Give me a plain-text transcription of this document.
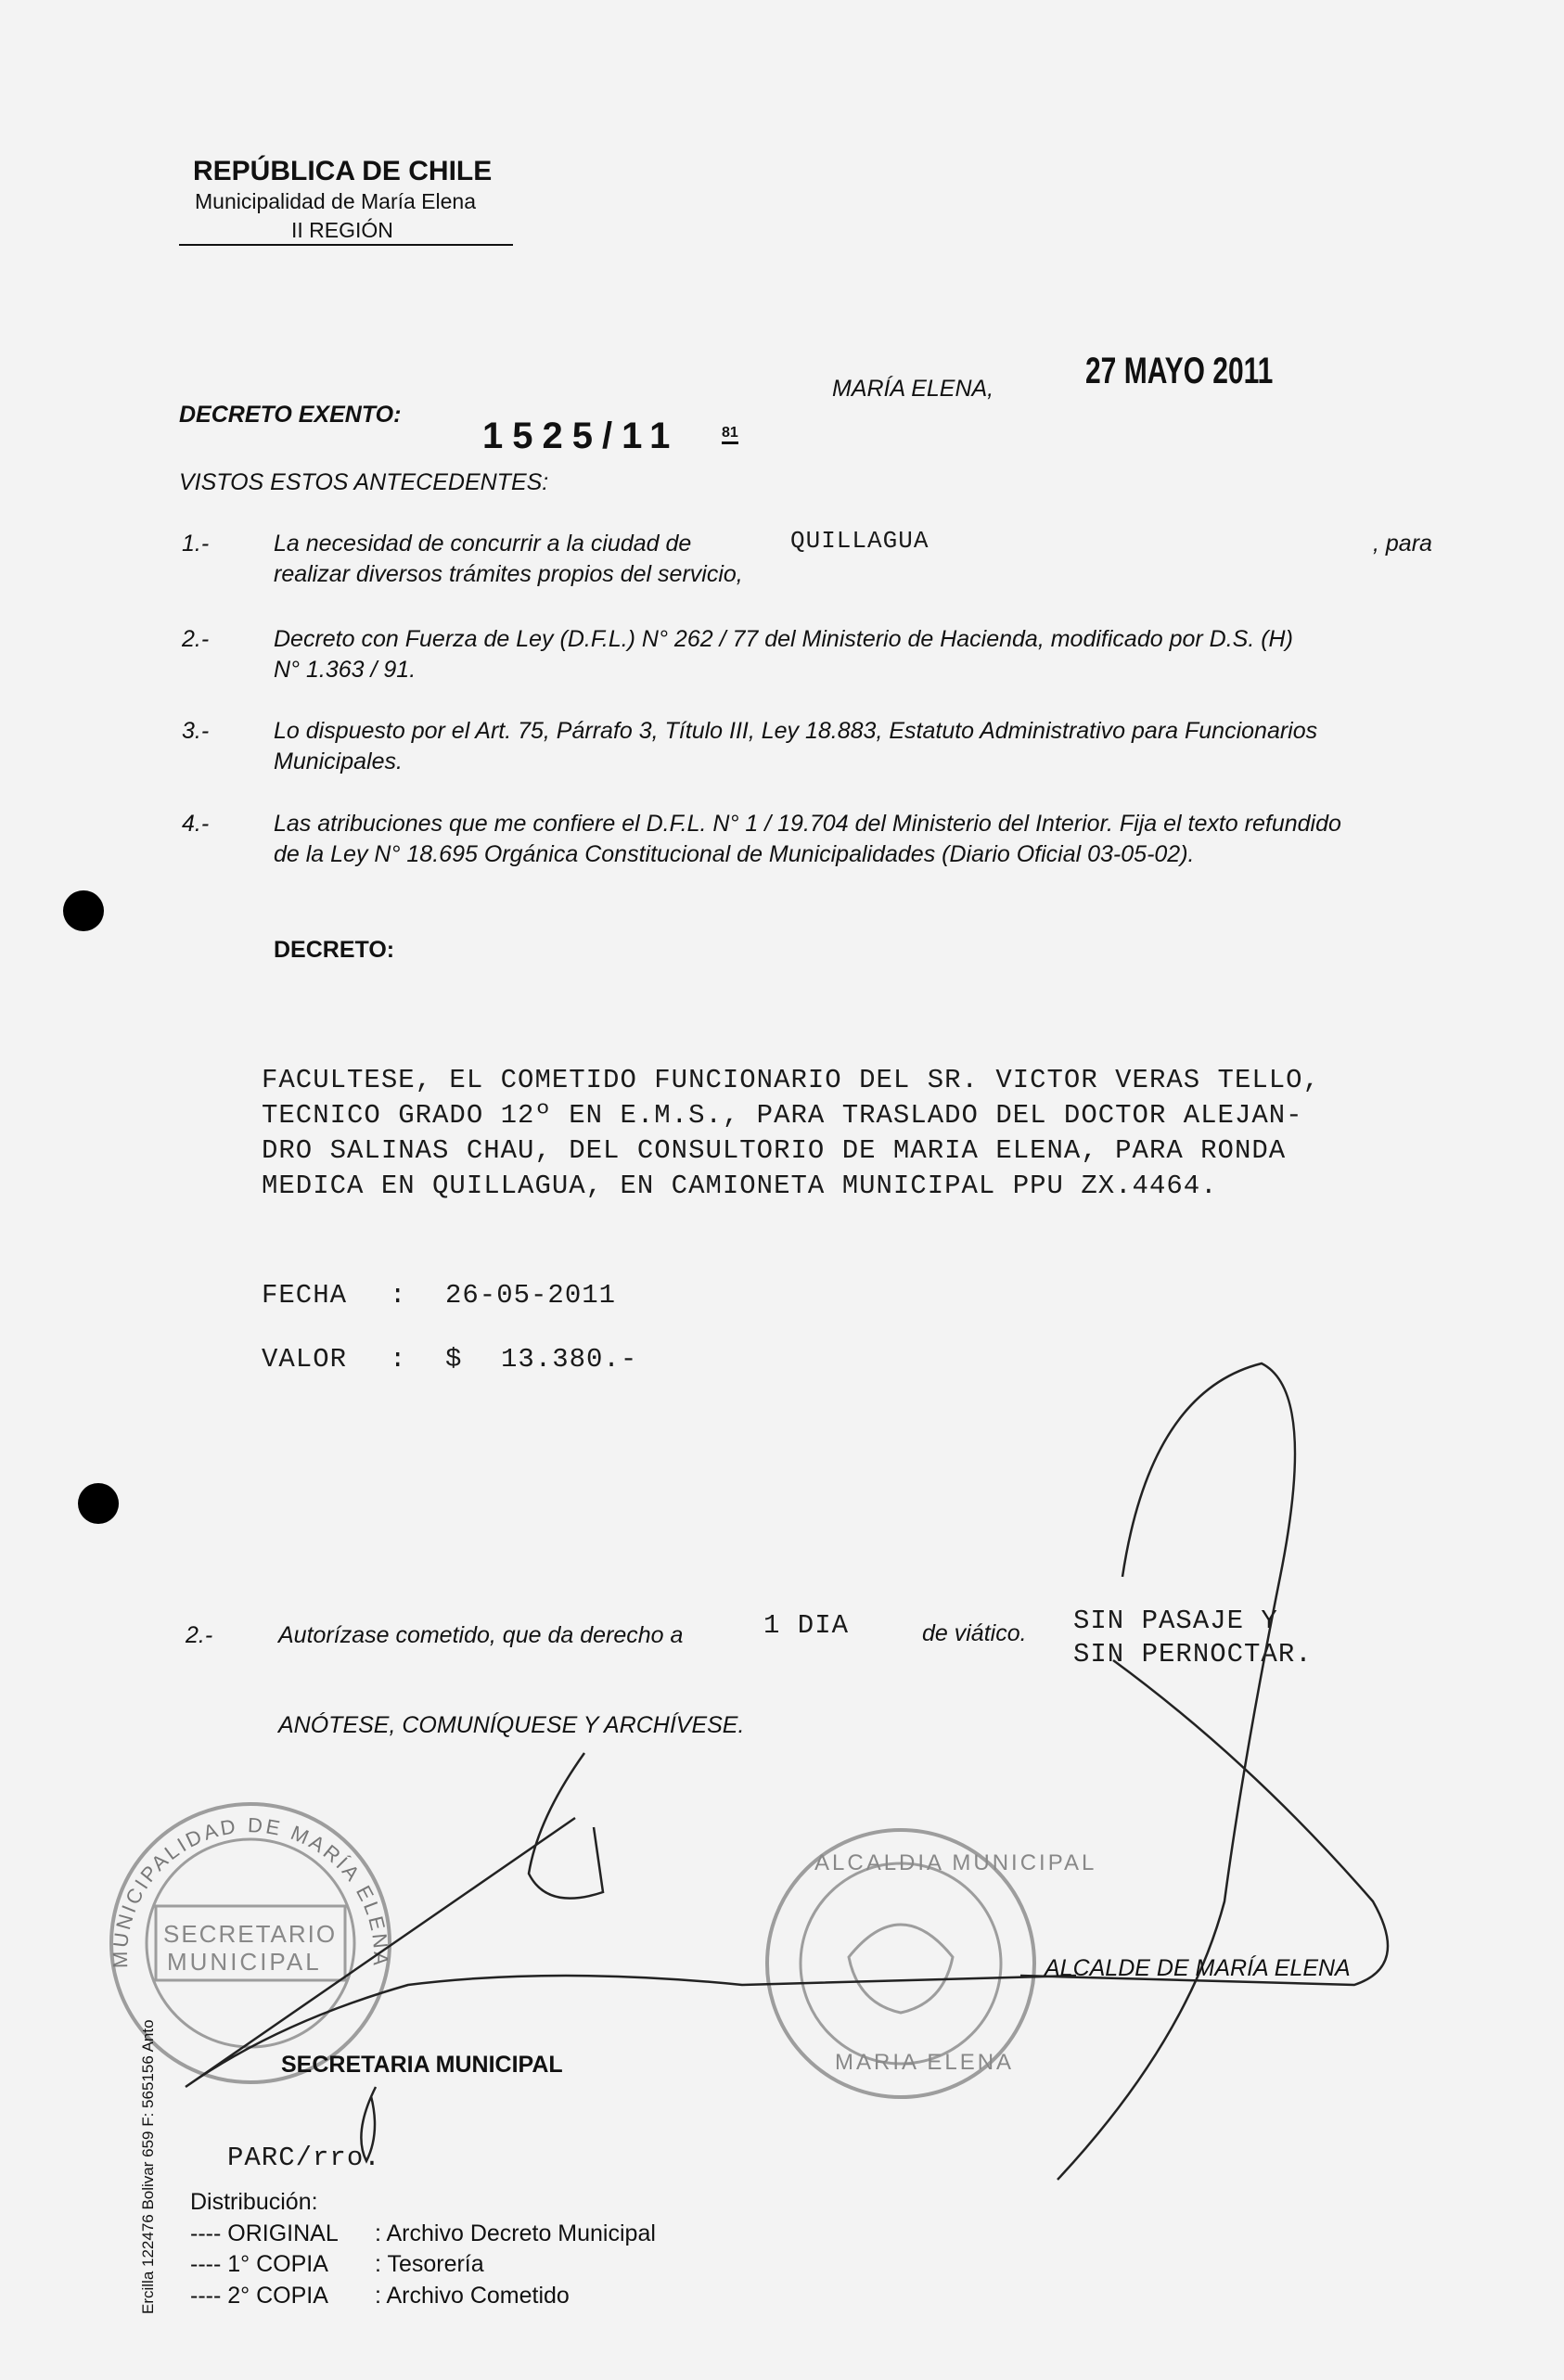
REPÚBLICA DE CHILE
Municipalidad de María Elena
II REGIÓN
MARÍA ELENA, 27 MAYO 2011
DECRETO EXENTO:
1525/11	81
VISTOS ESTOS ANTECEDENTES:
1.-	La necesidad de concurrir a la ciudad de	QUILLAGUA	, para
realizar diversos trámites propios del servicio,
2.-	Decreto con Fuerza de Ley (D.F.L.) N° 262 / 77 del Ministerio de Hacienda, modificado por D.S. (H)
N° 1.363 / 91.
3.-	Lo dispuesto por el Art. 75, Párrafo 3, Título III, Ley 18.883, Estatuto Administrativo para Funcionarios
Municipales.
4.-	Las atribuciones que me confiere el D.F.L. N° 1 / 19.704 del Ministerio del Interior. Fija el texto refundido
de la Ley N° 18.695 Orgánica Constitucional de Municipalidades (Diario Oficial 03-05-02).
DECRETO:
FACULTESE, EL COMETIDO FUNCIONARIO DEL SR. VICTOR VERAS TELLO,
TECNICO GRADO 12º EN E.M.S., PARA TRASLADO DEL DOCTOR ALEJAN-
DRO SALINAS CHAU, DEL CONSULTORIO DE MARIA ELENA, PARA RONDA
MEDICA EN QUILLAGUA, EN CAMIONETA MUNICIPAL PPU ZX.4464.
FECHA : 26-05-2011
VALOR : $ 13.380.-
2.-	Autorízase cometido, que da derecho a	1 DIA	de viático. SIN PASAJE Y
SIN PERNOCTAR.
ANÓTESE, COMUNÍQUESE Y ARCHÍVESE.
MUNICIPALIDAD DE MARÍA ELENA
SECRETARIO
MUNICIPAL
ALCALDIA MUNICIPAL
MARIA ELENA
ALCALDE DE MARÍA ELENA
SECRETARIA MUNICIPAL
PARC/rro.
Distribución:
---- ORIGINAL : Archivo Decreto Municipal
---- 1° COPIA : Tesorería
---- 2° COPIA : Archivo Cometido
Ercilla 122476 Bolivar 659 F: 565156 Anto
